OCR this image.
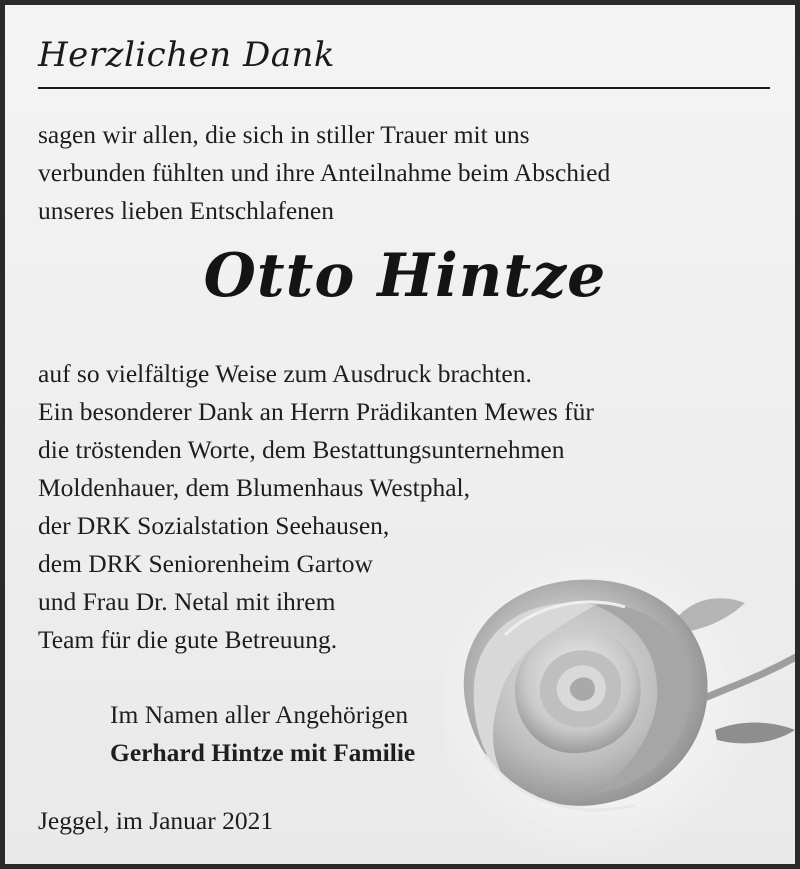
Herzlichen Dank
sagen wir allen, die sich in stiller Trauer mit uns
verbunden fühlten und ihre Anteilnahme beim Abschied
unseres lieben Entschlafenen
Otto Hintze
auf so vielfältige Weise zum Ausdruck brachten.
Ein besonderer Dank an Herrn Prädikanten Mewes für
die tröstenden Worte, dem Bestattungsunternehmen
Moldenhauer, dem Blumenhaus Westphal,
der DRK Sozialstation Seehausen,
dem DRK Seniorenheim Gartow
und Frau Dr. Netal mit ihrem
Team für die gute Betreuung.
Im Namen aller Angehörigen
Gerhard Hintze mit Familie
Jeggel, im Januar 2021
